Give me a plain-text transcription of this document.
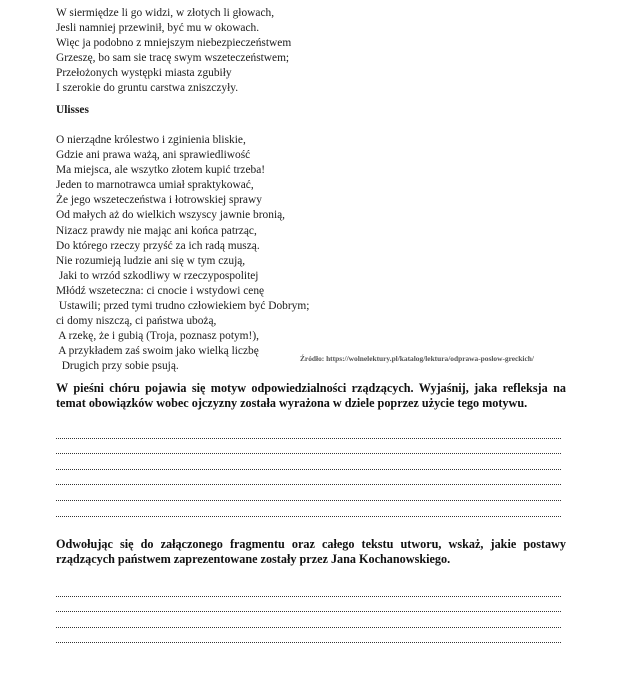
W siermiędze li go widzi, w złotych li głowach,
Jesli namniej przewinił, być mu w okowach.
Więc ja podobno z mniejszym niebezpieczeństwem
Grzeszę, bo sam sie tracę swym wszeteczeństwem;
Przełożonych występki miasta zgubiły
I szerokie do gruntu carstwa zniszczyły.
Ulisses
O nierządne królestwo i zginienia bliskie,
Gdzie ani prawa ważą, ani sprawiedliwość
Ma miejsca, ale wszytko złotem kupić trzeba!
Jeden to marnotrawca umiał spraktykować,
Że jego wszeteczeństwa i łotrowskiej sprawy
Od małych aż do wielkich wszyscy jawnie bronią,
Nizacz prawdy nie mając ani końca patrząc,
Do którego rzeczy przyść za ich radą muszą.
Nie rozumieją ludzie ani się w tym czują,
Jaki to wrzód szkodliwy w rzeczypospolitej
Młódź wszeteczna: ci cnocie i wstydowi cenę
Ustawili; przed tymi trudno człowiekiem być Dobrym;
ci domy niszczą, ci państwa ubożą,
A rzekę, że i gubią (Troja, poznasz potym!),
A przykładem zaś swoim jako wielką liczbę
Drugich przy sobie psują.
Źródło: https://wolnelektury.pl/katalog/lektura/odprawa-poslow-greckich/
W pieśni chóru pojawia się motyw odpowiedzialności rządzących. Wyjaśnij, jaka refleksja na temat obowiązków wobec ojczyzny została wyrażona w dziele poprzez użycie tego motywu.
Odwołując się do załączonego fragmentu oraz całego tekstu utworu, wskaż, jakie postawy rządzących państwem zaprezentowane zostały przez Jana Kochanowskiego.
